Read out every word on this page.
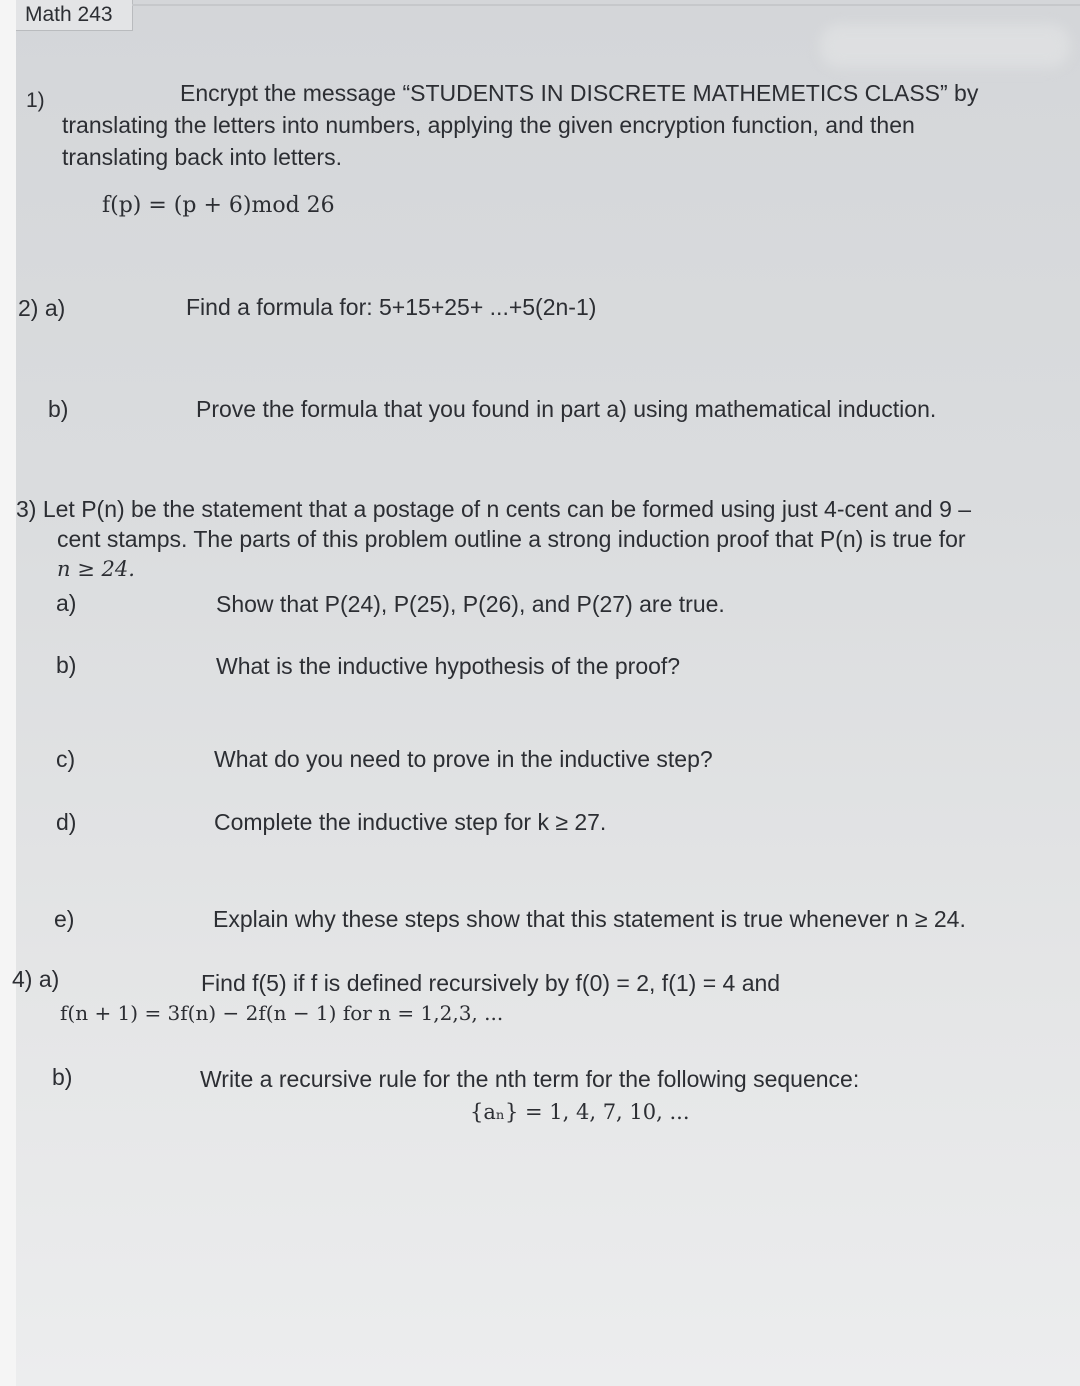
Math 243
1)	Encrypt the message “STUDENTS IN DISCRETE MATHEMETICS CLASS” by
translating the letters into numbers, applying the given encryption function, and then
translating back into letters.
f(p) = (p + 6)mod 26
2) a)	Find a formula for: 5+15+25+ ...+5(2n-1)
b)	Prove the formula that you found in part a) using mathematical induction.
3) Let P(n) be the statement that a postage of n cents can be formed using just 4-cent and 9 –
cent stamps. The parts of this problem outline a strong induction proof that P(n) is true for
n ≥ 24.
a)	Show that P(24), P(25), P(26), and P(27) are true.
b)	What is the inductive hypothesis of the proof?
c)	What do you need to prove in the inductive step?
d)	Complete the inductive step for k ≥ 27.
e)	Explain why these steps show that this statement is true whenever n ≥ 24.
4) a)	Find f(5) if f is defined recursively by f(0) = 2, f(1) = 4 and
f(n + 1) = 3f(n) − 2f(n − 1) for n = 1,2,3, ...
b)	Write a recursive rule for the nth term for the following sequence:
{aₙ} = 1, 4, 7, 10, ...
